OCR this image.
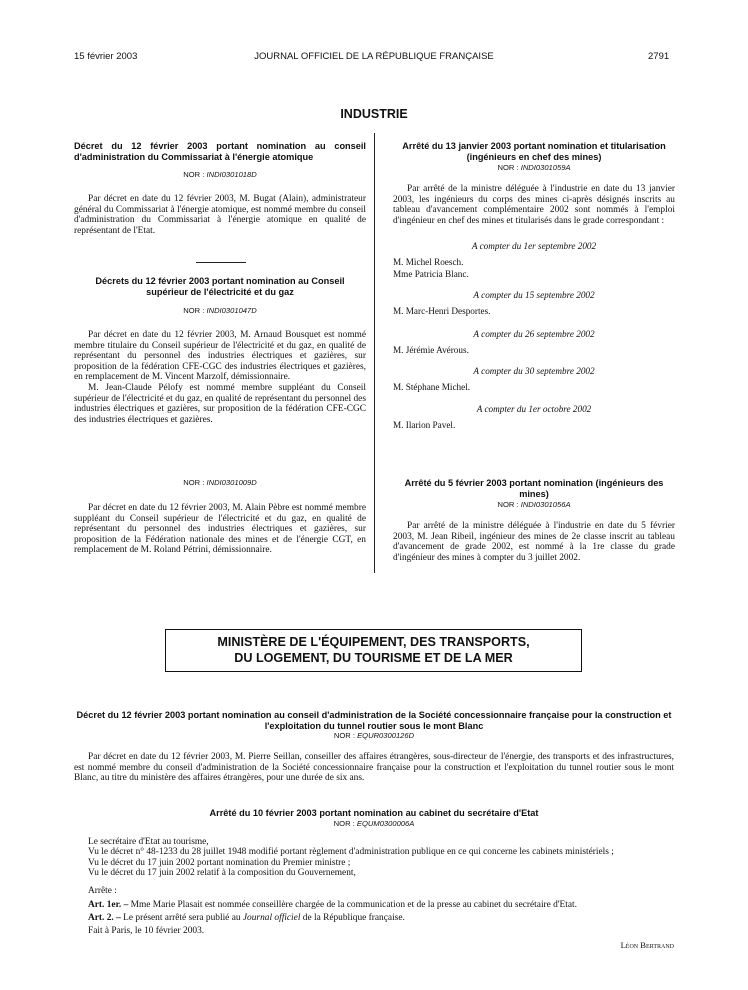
15 février 2003	JOURNAL OFFICIEL DE LA RÉPUBLIQUE FRANÇAISE	2791
INDUSTRIE
Décret du 12 février 2003 portant nomination au conseil d'administration du Commissariat à l'énergie atomique
NOR : INDI0301018D

Par décret en date du 12 février 2003, M. Bugat (Alain), administrateur général du Commissariat à l'énergie atomique, est nommé membre du conseil d'administration du Commissariat à l'énergie atomique en qualité de représentant de l'Etat.

Décrets du 12 février 2003 portant nomination au Conseil supérieur de l'électricité et du gaz
NOR : INDI0301047D

Par décret en date du 12 février 2003, M. Arnaud Bousquet est nommé membre titulaire du Conseil supérieur de l'électricité et du gaz, en qualité de représentant du personnel des industries électriques et gazières, sur proposition de la fédération CFE-CGC des industries électriques et gazières, en remplacement de M. Vincent Marzolf, démissionnaire.

M. Jean-Claude Pélofy est nommé membre suppléant du Conseil supérieur de l'électricité et du gaz, en qualité de représentant du personnel des industries électriques et gazières, sur proposition de la fédération CFE-CGC des industries électriques et gazières.

NOR : INDI0301009D

Par décret en date du 12 février 2003, M. Alain Pèbre est nommé membre suppléant du Conseil supérieur de l'électricité et du gaz, en qualité de représentant du personnel des industries électriques et gazières, sur proposition de la Fédération nationale des mines et de l'énergie CGT, en remplacement de M. Roland Pétrini, démissionnaire.

Arrêté du 13 janvier 2003 portant nomination et titularisation (ingénieurs en chef des mines)
NOR : INDI0301059A

Par arrêté de la ministre déléguée à l'industrie en date du 13 janvier 2003, les ingénieurs du corps des mines ci-après désignés inscrits au tableau d'avancement complémentaire 2002 sont nommés à l'emploi d'ingénieur en chef des mines et titularisés dans le grade correspondant :

A compter du 1er septembre 2002
M. Michel Roesch.
Mme Patricia Blanc.
A compter du 15 septembre 2002
M. Marc-Henri Desportes.
A compter du 26 septembre 2002
M. Jérémie Avérous.
A compter du 30 septembre 2002
M. Stéphane Michel.
A compter du 1er octobre 2002
M. Ilarion Pavel.
Arrêté du 5 février 2003 portant nomination (ingénieurs des mines)
NOR : INDI0301056A

Par arrêté de la ministre déléguée à l'industrie en date du 5 février 2003, M. Jean Ribeil, ingénieur des mines de 2e classe inscrit au tableau d'avancement de grade 2002, est nommé à la 1re classe du grade d'ingénieur des mines à compter du 3 juillet 2002.

MINISTÈRE DE L'ÉQUIPEMENT, DES TRANSPORTS,
DU LOGEMENT, DU TOURISME ET DE LA MER
Décret du 12 février 2003 portant nomination au conseil d'administration de la Société concessionnaire française pour la construction et l'exploitation du tunnel routier sous le mont Blanc
NOR : EQUR0300126D

Par décret en date du 12 février 2003, M. Pierre Seillan, conseiller des affaires étrangères, sous-directeur de l'énergie, des transports et des infrastructures, est nommé membre du conseil d'administration de la Société concessionnaire française pour la construction et l'exploitation du tunnel routier sous le mont Blanc, au titre du ministère des affaires étrangères, pour une durée de six ans.

Arrêté du 10 février 2003 portant nomination au cabinet du secrétaire d'Etat
NOR : EQUM0300006A

Le secrétaire d'Etat au tourisme,

Vu le décret n° 48-1233 du 28 juillet 1948 modifié portant règlement d'administration publique en ce qui concerne les cabinets ministériels ;

Vu le décret du 17 juin 2002 portant nomination du Premier ministre ;

Vu le décret du 17 juin 2002 relatif à la composition du Gouvernement,

Arrête :

Art. 1er. – Mme Marie Plasait est nommée conseillère chargée de la communication et de la presse au cabinet du secrétaire d'Etat.

Art. 2. – Le présent arrêté sera publié au Journal officiel de la République française.

Fait à Paris, le 10 février 2003.

Léon Bertrand
